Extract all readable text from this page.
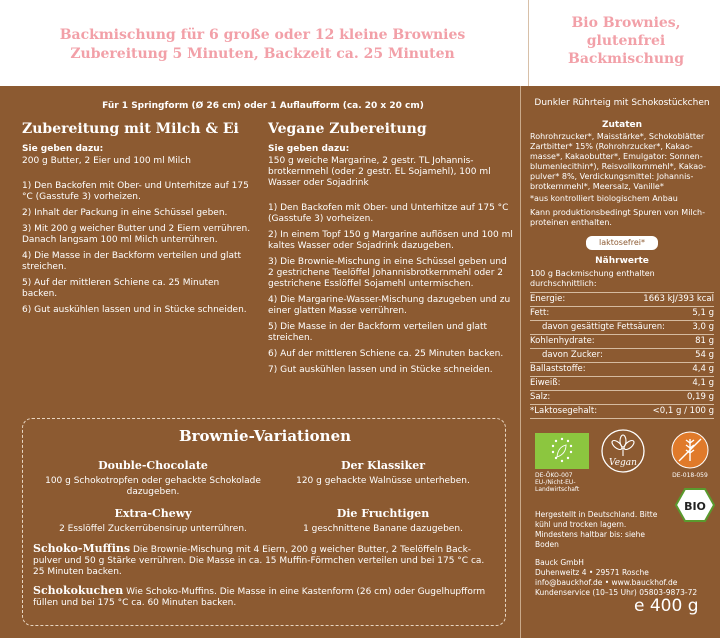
Backmischung für 6 große oder 12 kleine Brownies
Zubereitung 5 Minuten, Backzeit ca. 25 Minuten
Bio Brownies,
glutenfrei
Backmischung
Für 1 Springform (Ø 26 cm) oder 1 Auflaufform (ca. 20 x 20 cm)
Zubereitung mit Milch & Ei

Sie geben dazu:

200 g Butter, 2 Eier und 100 ml Milch

1) Den Backofen mit Ober- und Unterhitze auf 175 °C (Gasstufe 3) vorheizen.
2) Inhalt der Packung in eine Schüssel geben.
3) Mit 200 g weicher Butter und 2 Eiern verrühren. Danach langsam 100 ml Milch unterrühren.
4) Die Masse in der Backform verteilen und glatt streichen.
5) Auf der mittleren Schiene ca. 25 Minuten backen.
6) Gut auskühlen lassen und in Stücke schneiden.
Vegane Zubereitung

Sie geben dazu:

150 g weiche Margarine, 2 gestr. TL Johannisbrotkernmehl (oder 2 gestr. EL Sojamehl), 100 ml Wasser oder Sojadrink

1) Den Backofen mit Ober- und Unterhitze auf 175 °C (Gasstufe 3) vorheizen.
2) In einem Topf 150 g Margarine auflösen und 100 ml kaltes Wasser oder Sojadrink dazugeben.
3) Die Brownie-Mischung in eine Schüssel geben und 2 gestrichene Teelöffel Johannisbrotkernmehl oder 2 gestrichene Esslöffel Sojamehl untermischen.
4) Die Margarine-Wasser-Mischung dazugeben und zu einer glatten Masse verrühren.
5) Die Masse in der Backform verteilen und glatt streichen.
6) Auf der mittleren Schiene ca. 25 Minuten backen.
7) Gut auskühlen lassen und in Stücke schneiden.
Brownie-Variationen
Double-Chocolate
100 g Schokotropfen oder gehackte Schokolade dazugeben.
Der Klassiker
120 g gehackte Walnüsse unterheben.
Extra-Chewy
2 Esslöffel Zuckerrübensirup unterrühren.
Die Fruchtigen
1 geschnittene Banane dazugeben.
Schoko-Muffins Die Brownie-Mischung mit 4 Eiern, 200 g weicher Butter, 2 Teelöffeln Backpulver und 50 g Stärke verrühren. Die Masse in ca. 15 Muffin-Förmchen verteilen und bei 175 °C ca. 25 Minuten backen.
Schokokuchen Wie Schoko-Muffins. Die Masse in eine Kastenform (26 cm) oder Gugelhupfform füllen und bei 175 °C ca. 60 Minuten backen.
Dunkler Rührteig mit Schokostückchen
Zutaten
Rohrohrzucker*, Maisstärke*, Schokoblätter Zartbitter* 15% (Rohrohrzucker*, Kakaomasse*, Kakaobutter*, Emulgator: Sonnenblumenlecithin*), Reisvollkornmehl*, Kakaopulver* 8%, Verdickungsmittel: Johannisbrotkernmehl*, Meersalz, Vanille*
*aus kontrolliert biologischem Anbau
Kann produktionsbedingt Spuren von Milchproteinen enthalten.
laktosefrei*
Nährwerte
100 g Backmischung enthalten durchschnittlich:
Energie:	1663 kJ/393 kcal
Fett:	5,1 g
davon gesättigte Fettsäuren:	3,0 g
Kohlenhydrate:	81 g
davon Zucker:	54 g
Ballaststoffe:	4,4 g
Eiweiß:	4,1 g
Salz:	0,19 g
*Laktosegehalt:	<0,1 g / 100 g
DE-ÖKO-007
EU-/Nicht-EU-
Landwirtschaft
Vegan
DE-018-059
BIO
Hergestellt in Deutschland. Bitte kühl und trocken lagern. Mindestens haltbar bis: siehe Boden
Bauck GmbH
Duhenweitz 4 • 29571 Rosche
info@bauckhof.de • www.bauckhof.de
Kundenservice (10–15 Uhr) 05803-9873-72
e 400 g
